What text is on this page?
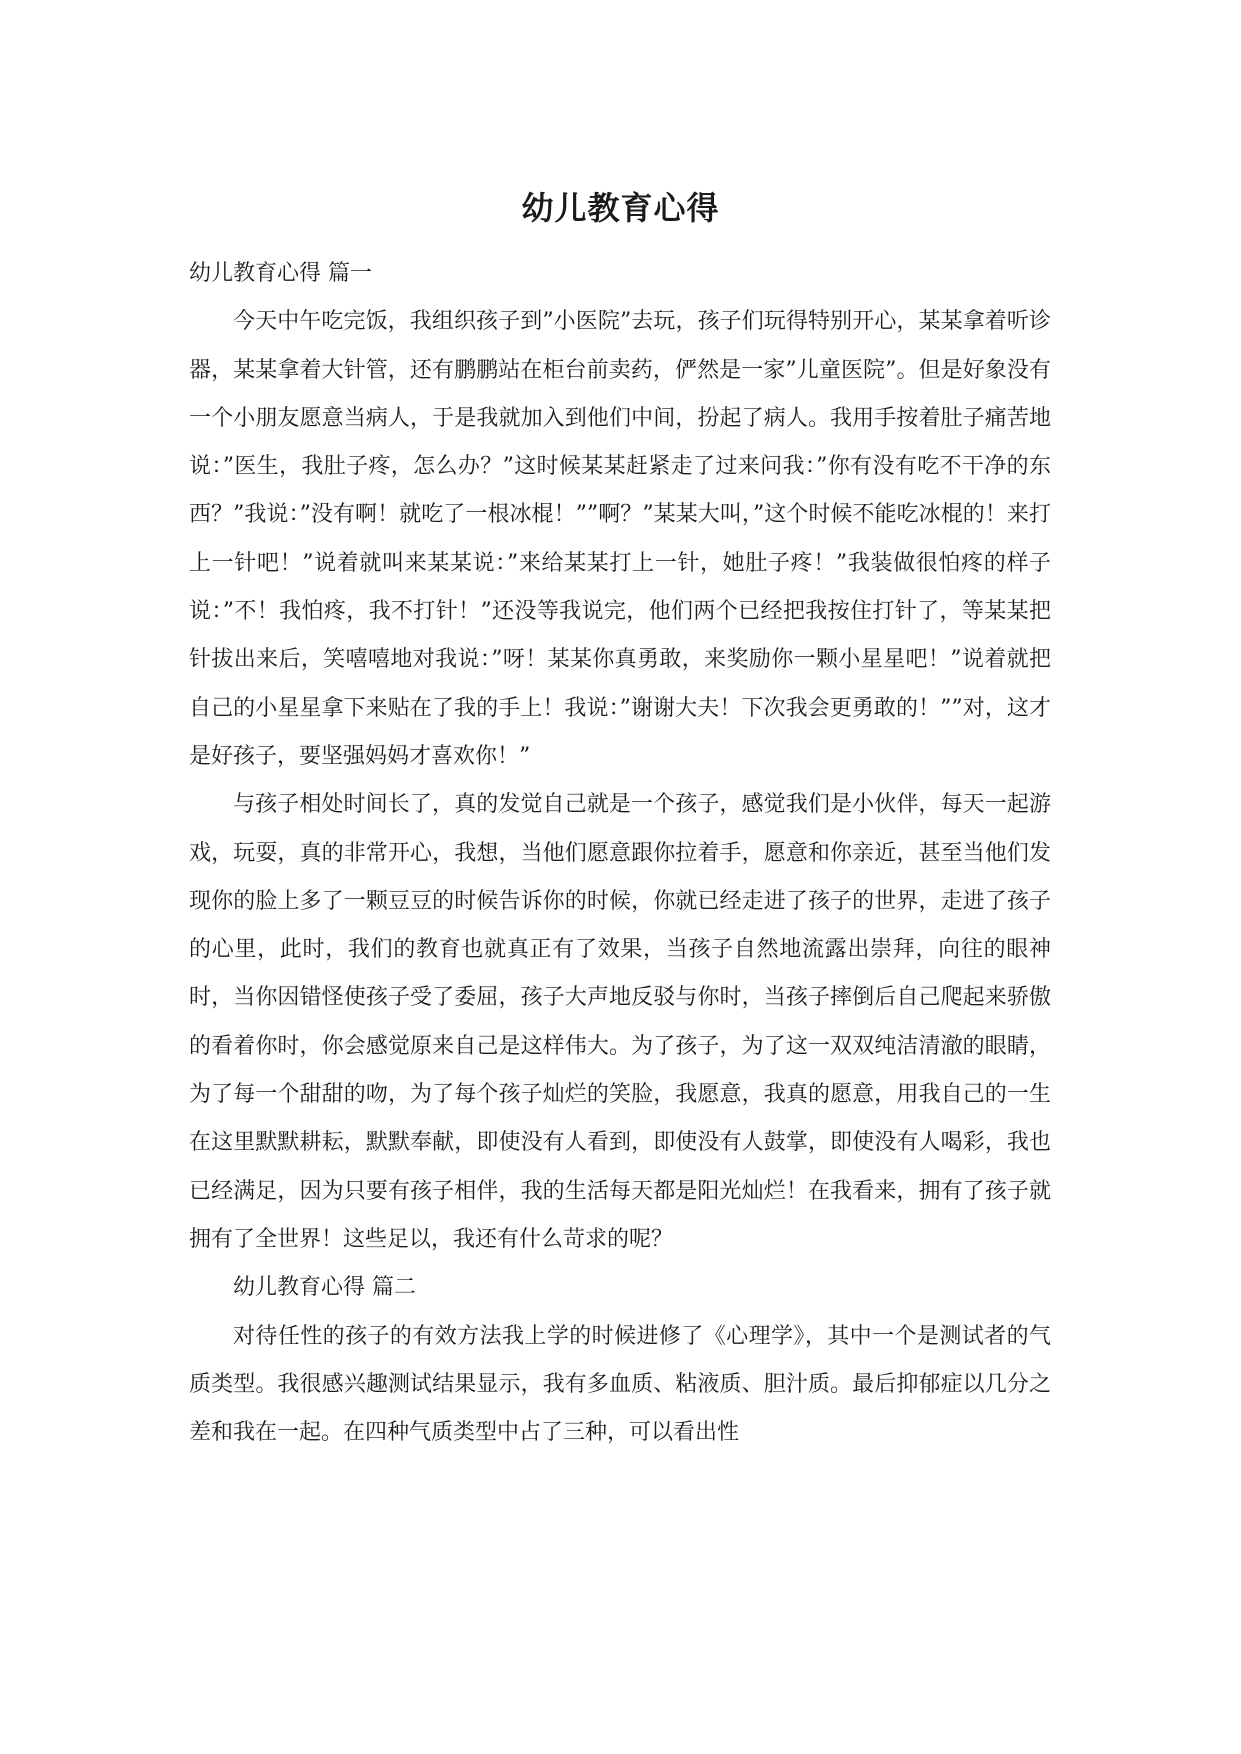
幼儿教育心得

幼儿教育心得 篇一

今天中午吃完饭，我组织孩子到”小医院”去玩，孩子们玩得特别开心，某某拿着听诊器，某某拿着大针管，还有鹏鹏站在柜台前卖药，俨然是一家”儿童医院”。但是好象没有一个小朋友愿意当病人，于是我就加入到他们中间，扮起了病人。我用手按着肚子痛苦地说：”医生，我肚子疼，怎么办？”这时候某某赶紧走了过来问我：”你有没有吃不干净的东西？”我说：”没有啊！就吃了一根冰棍！””啊？”某某大叫，”这个时候不能吃冰棍的！来打上一针吧！”说着就叫来某某说：”来给某某打上一针，她肚子疼！”我装做很怕疼的样子说：”不！我怕疼，我不打针！”还没等我说完，他们两个已经把我按住打针了，等某某把针拔出来后，笑嘻嘻地对我说：”呀！某某你真勇敢，来奖励你一颗小星星吧！”说着就把自己的小星星拿下来贴在了我的手上！我说：”谢谢大夫！下次我会更勇敢的！””对，这才是好孩子，要坚强妈妈才喜欢你！”

与孩子相处时间长了，真的发觉自己就是一个孩子，感觉我们是小伙伴，每天一起游戏，玩耍，真的非常开心，我想，当他们愿意跟你拉着手，愿意和你亲近，甚至当他们发现你的脸上多了一颗豆豆的时候告诉你的时候，你就已经走进了孩子的世界，走进了孩子的心里，此时，我们的教育也就真正有了效果，当孩子自然地流露出崇拜，向往的眼神时，当你因错怪使孩子受了委屈，孩子大声地反驳与你时，当孩子摔倒后自己爬起来骄傲的看着你时，你会感觉原来自己是这样伟大。为了孩子，为了这一双双纯洁清澈的眼睛，为了每一个甜甜的吻，为了每个孩子灿烂的笑脸，我愿意，我真的愿意，用我自己的一生在这里默默耕耘，默默奉献，即使没有人看到，即使没有人鼓掌，即使没有人喝彩，我也已经满足，因为只要有孩子相伴，我的生活每天都是阳光灿烂！在我看来，拥有了孩子就拥有了全世界！这些足以，我还有什么苛求的呢？

幼儿教育心得 篇二

对待任性的孩子的有效方法我上学的时候进修了《心理学》，其中一个是测试者的气质类型。我很感兴趣测试结果显示，我有多血质、粘液质、胆汁质。最后抑郁症以几分之差和我在一起。在四种气质类型中占了三种，可以看出性
